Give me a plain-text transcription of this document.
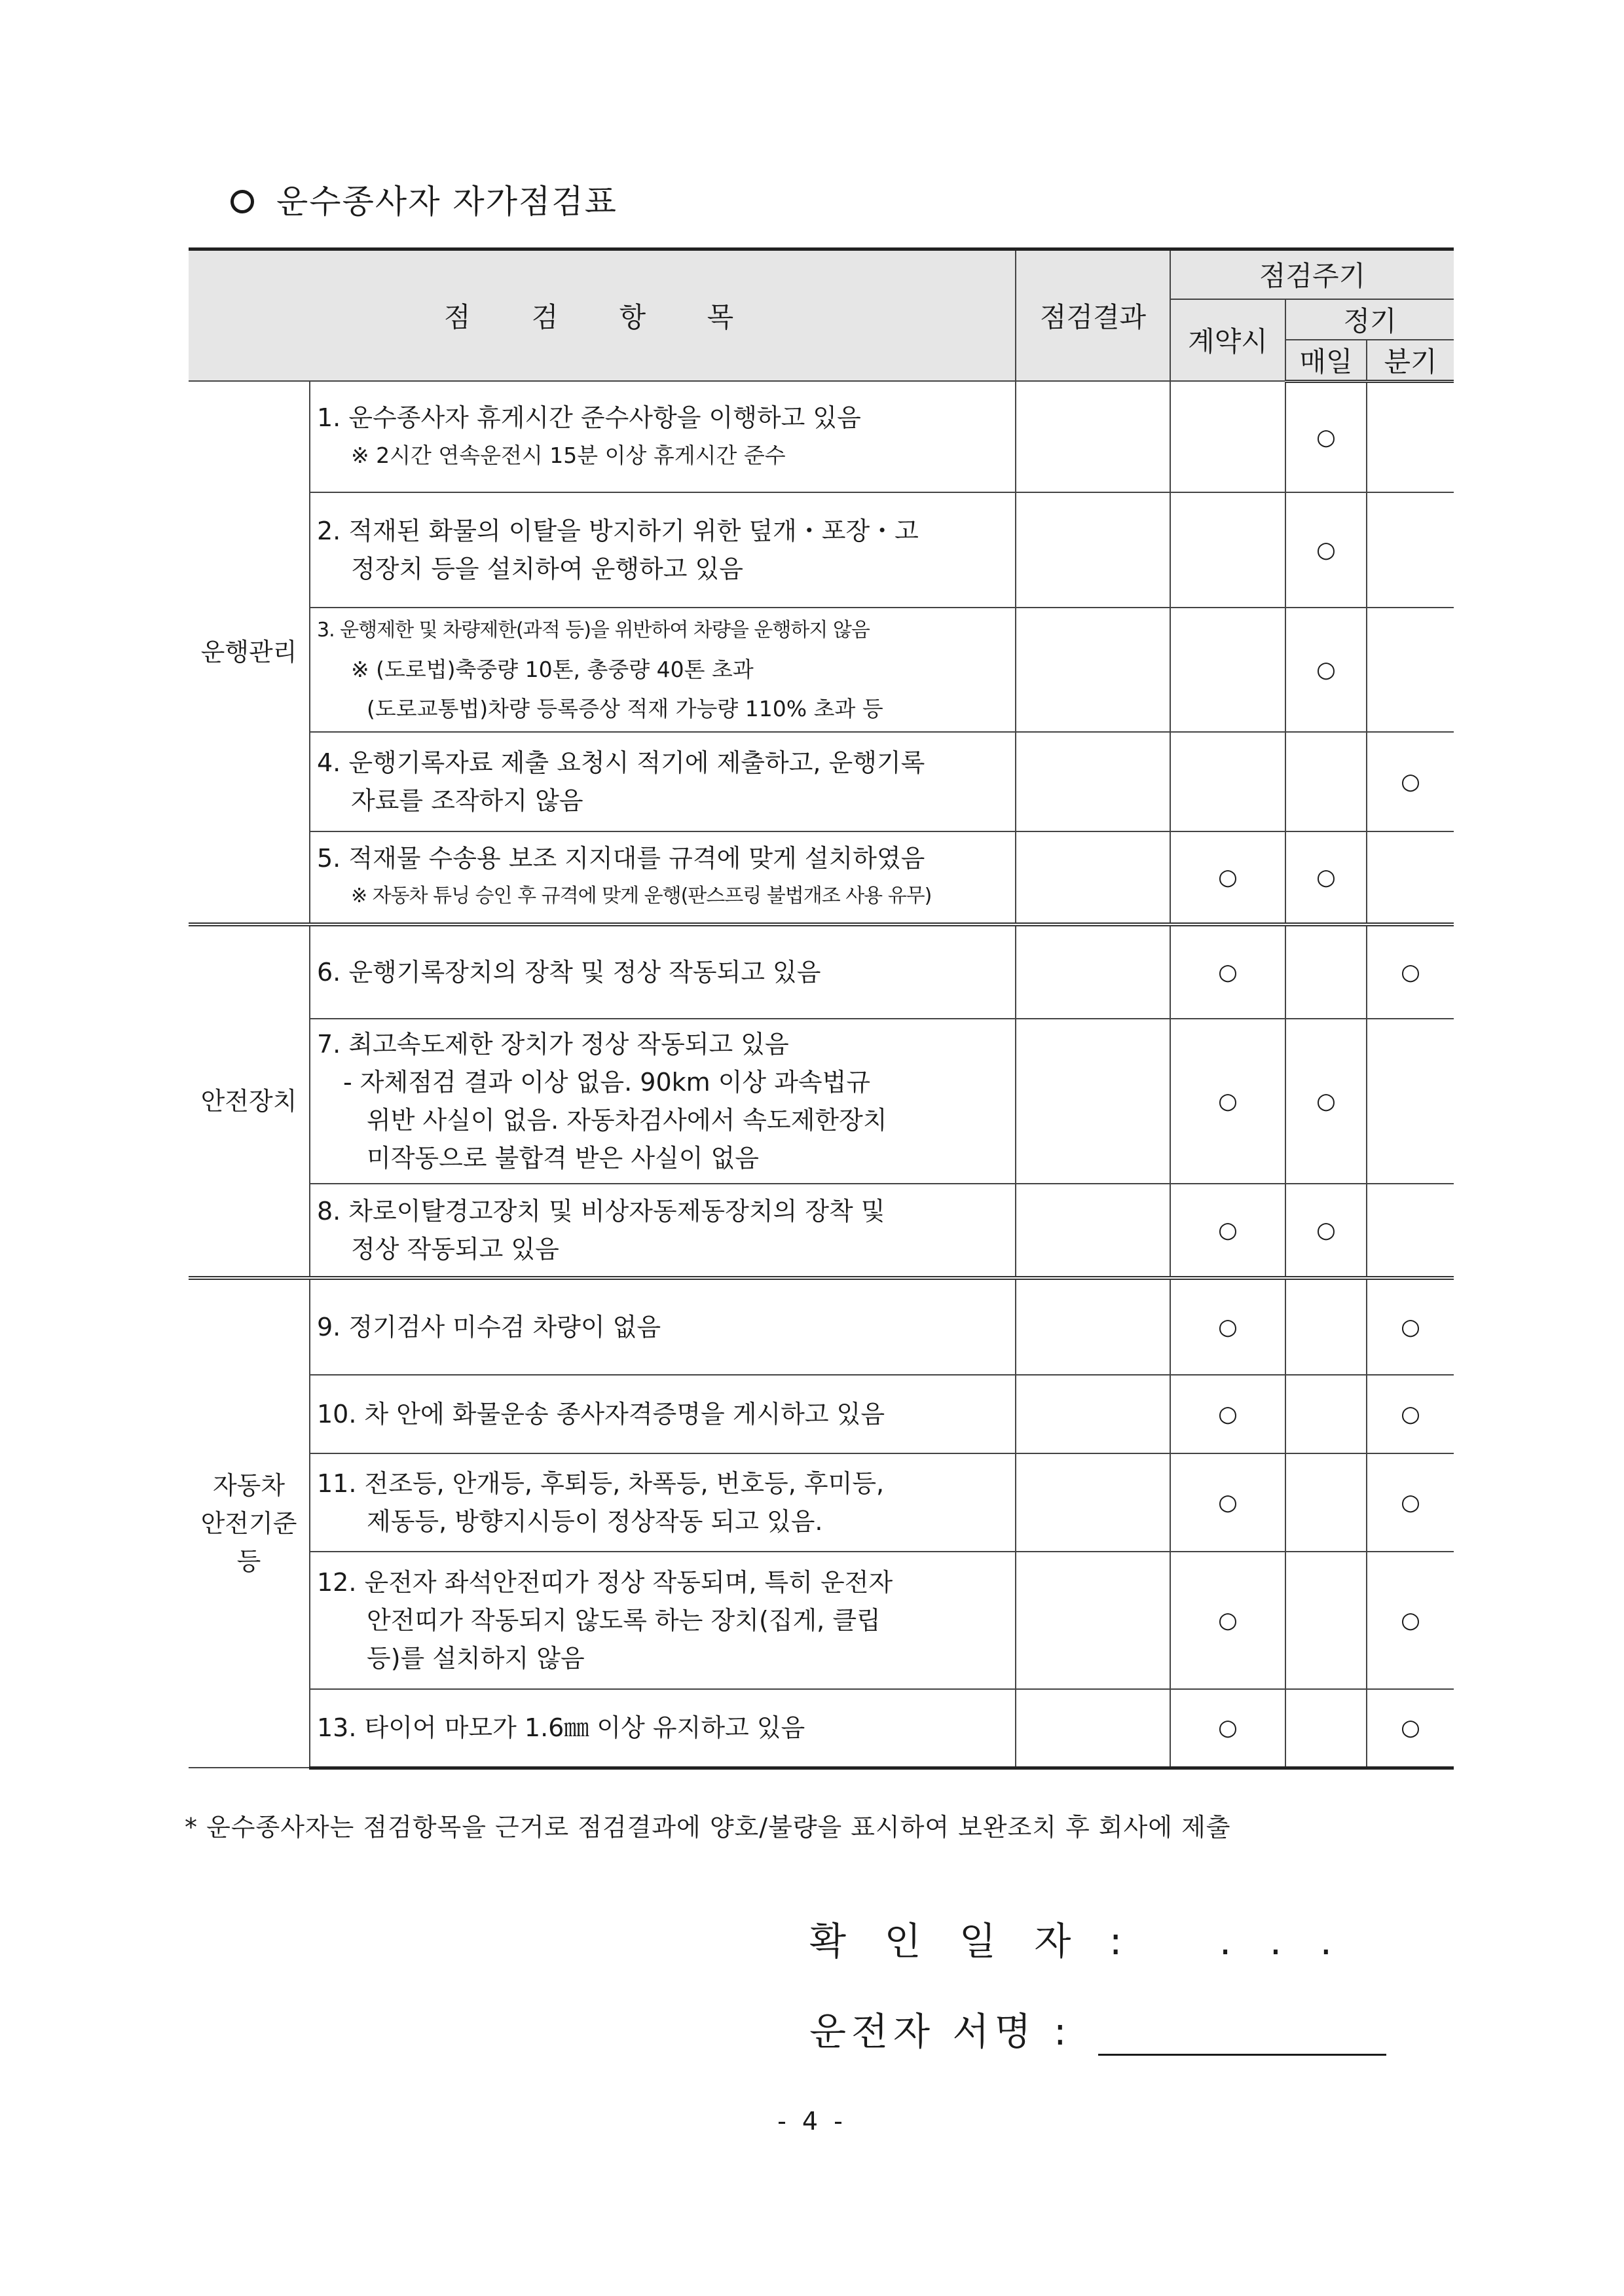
운수종사자 자가점검표
점 검 항 목		점검결과	점검주기		
			계약시	정기	
				매일	분기
운행관리	1. 운수종사자 휴게시간 준수사항을 이행하고 있음
※ 2시간 연속운전시 15분 이상 휴게시간 준수			○	

	2. 적재된 화물의 이탈을 방지하기 위한 덮개・포장・고
정장치 등을 설치하여 운행하고 있음			○	

	3. 운행제한 및 차량제한(과적 등)을 위반하여 차량을 운행하지 않음
※ (도로법)축중량 10톤, 총중량 40톤 초과
(도로교통법)차량 등록증상 적재 가능량 110% 초과 등			○	

	4. 운행기록자료 제출 요청시 적기에 제출하고, 운행기록
자료를 조작하지 않음				○

	5. 적재물 수송용 보조 지지대를 규격에 맞게 설치하였음
※ 자동차 튜닝 승인 후 규격에 맞게 운행(판스프링 불법개조 사용 유무)		○	○	
안전장치	6. 운행기록장치의 장착 및 정상 작동되고 있음		○		○

	7. 최고속도제한 장치가 정상 작동되고 있음
- 자체점검 결과 이상 없음. 90km 이상 과속법규
위반 사실이 없음. 자동차검사에서 속도제한장치
미작동으로 불합격 받은 사실이 없음		○	○	

	8. 차로이탈경고장치 및 비상자동제동장치의 장착 및
정상 작동되고 있음		○	○	

자동차
안전기준
등	9. 정기검사 미수검 차량이 없음		○		○

	10. 차 안에 화물운송 종사자격증명을 게시하고 있음		○		○

	11. 전조등, 안개등, 후퇴등, 차폭등, 번호등, 후미등,
제동등, 방향지시등이 정상작동 되고 있음.		○		○

	12. 운전자 좌석안전띠가 정상 작동되며, 특히 운전자
안전띠가 작동되지 않도록 하는 장치(집게, 클립
등)를 설치하지 않음		○		○

	13. 타이어 마모가 1.6㎜ 이상 유지하고 있음		○		○
* 운수종사자는 점검항목을 근거로 점검결과에 양호/불량을 표시하여 보완조치 후 회사에 제출
확 인 일 자 : . . .
운전자 서명 :
- 4 -
